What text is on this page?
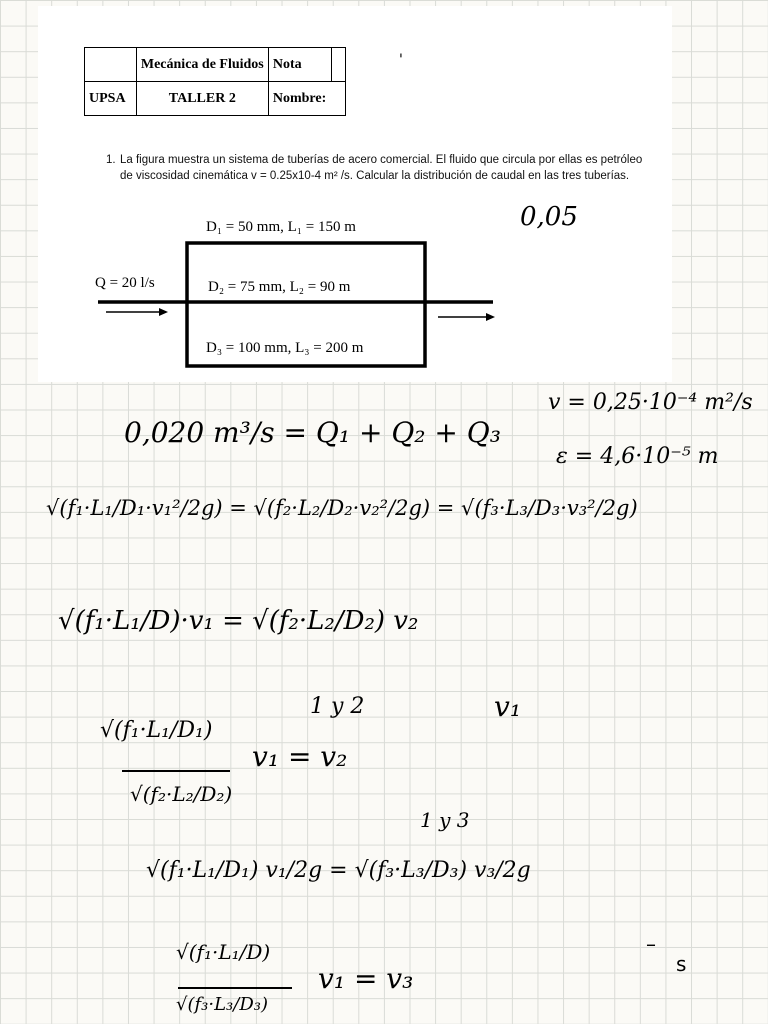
	Mecánica de Fluidos	Nota	
UPSA	TALLER 2	Nombre:	
1. La figura muestra un sistema de tuberías de acero comercial. El fluido que circula por ellas es petróleo de viscosidad cinemática v = 0.25x10-4 m² /s. Calcular la distribución de caudal en las tres tuberías.
D₁ = 50 mm, L₁ = 150 m
Q = 20 l/s	D₂ = 75 mm, L₂ = 90 m
D₃ = 100 mm, L₃ = 200 m
0,05
'
v = 0,25·10⁻⁴ m²/s
ε = 4,6·10⁻⁵ m
0,020 m³/s = Q₁ + Q₂ + Q₃
√(f₁·L₁/D₁·v₁²/2g) = √(f₂·L₂/D₂·v₂²/2g) = √(f₃·L₃/D₃·v₃²/2g)
√(f₁·L₁/D)·v₁ = √(f₂·L₂/D₂) v₂
1 y 2	v₁
√(f₁·L₁/D₁)
√(f₂·L₂/D₂)
v₁ = v₂
1 y 3
√(f₁·L₁/D₁) v₁/2g = √(f₃·L₃/D₃) v₃/2g
√(f₁·L₁/D)
√(f₃·L₃/D₃)
v₁ = v₃
–
s
